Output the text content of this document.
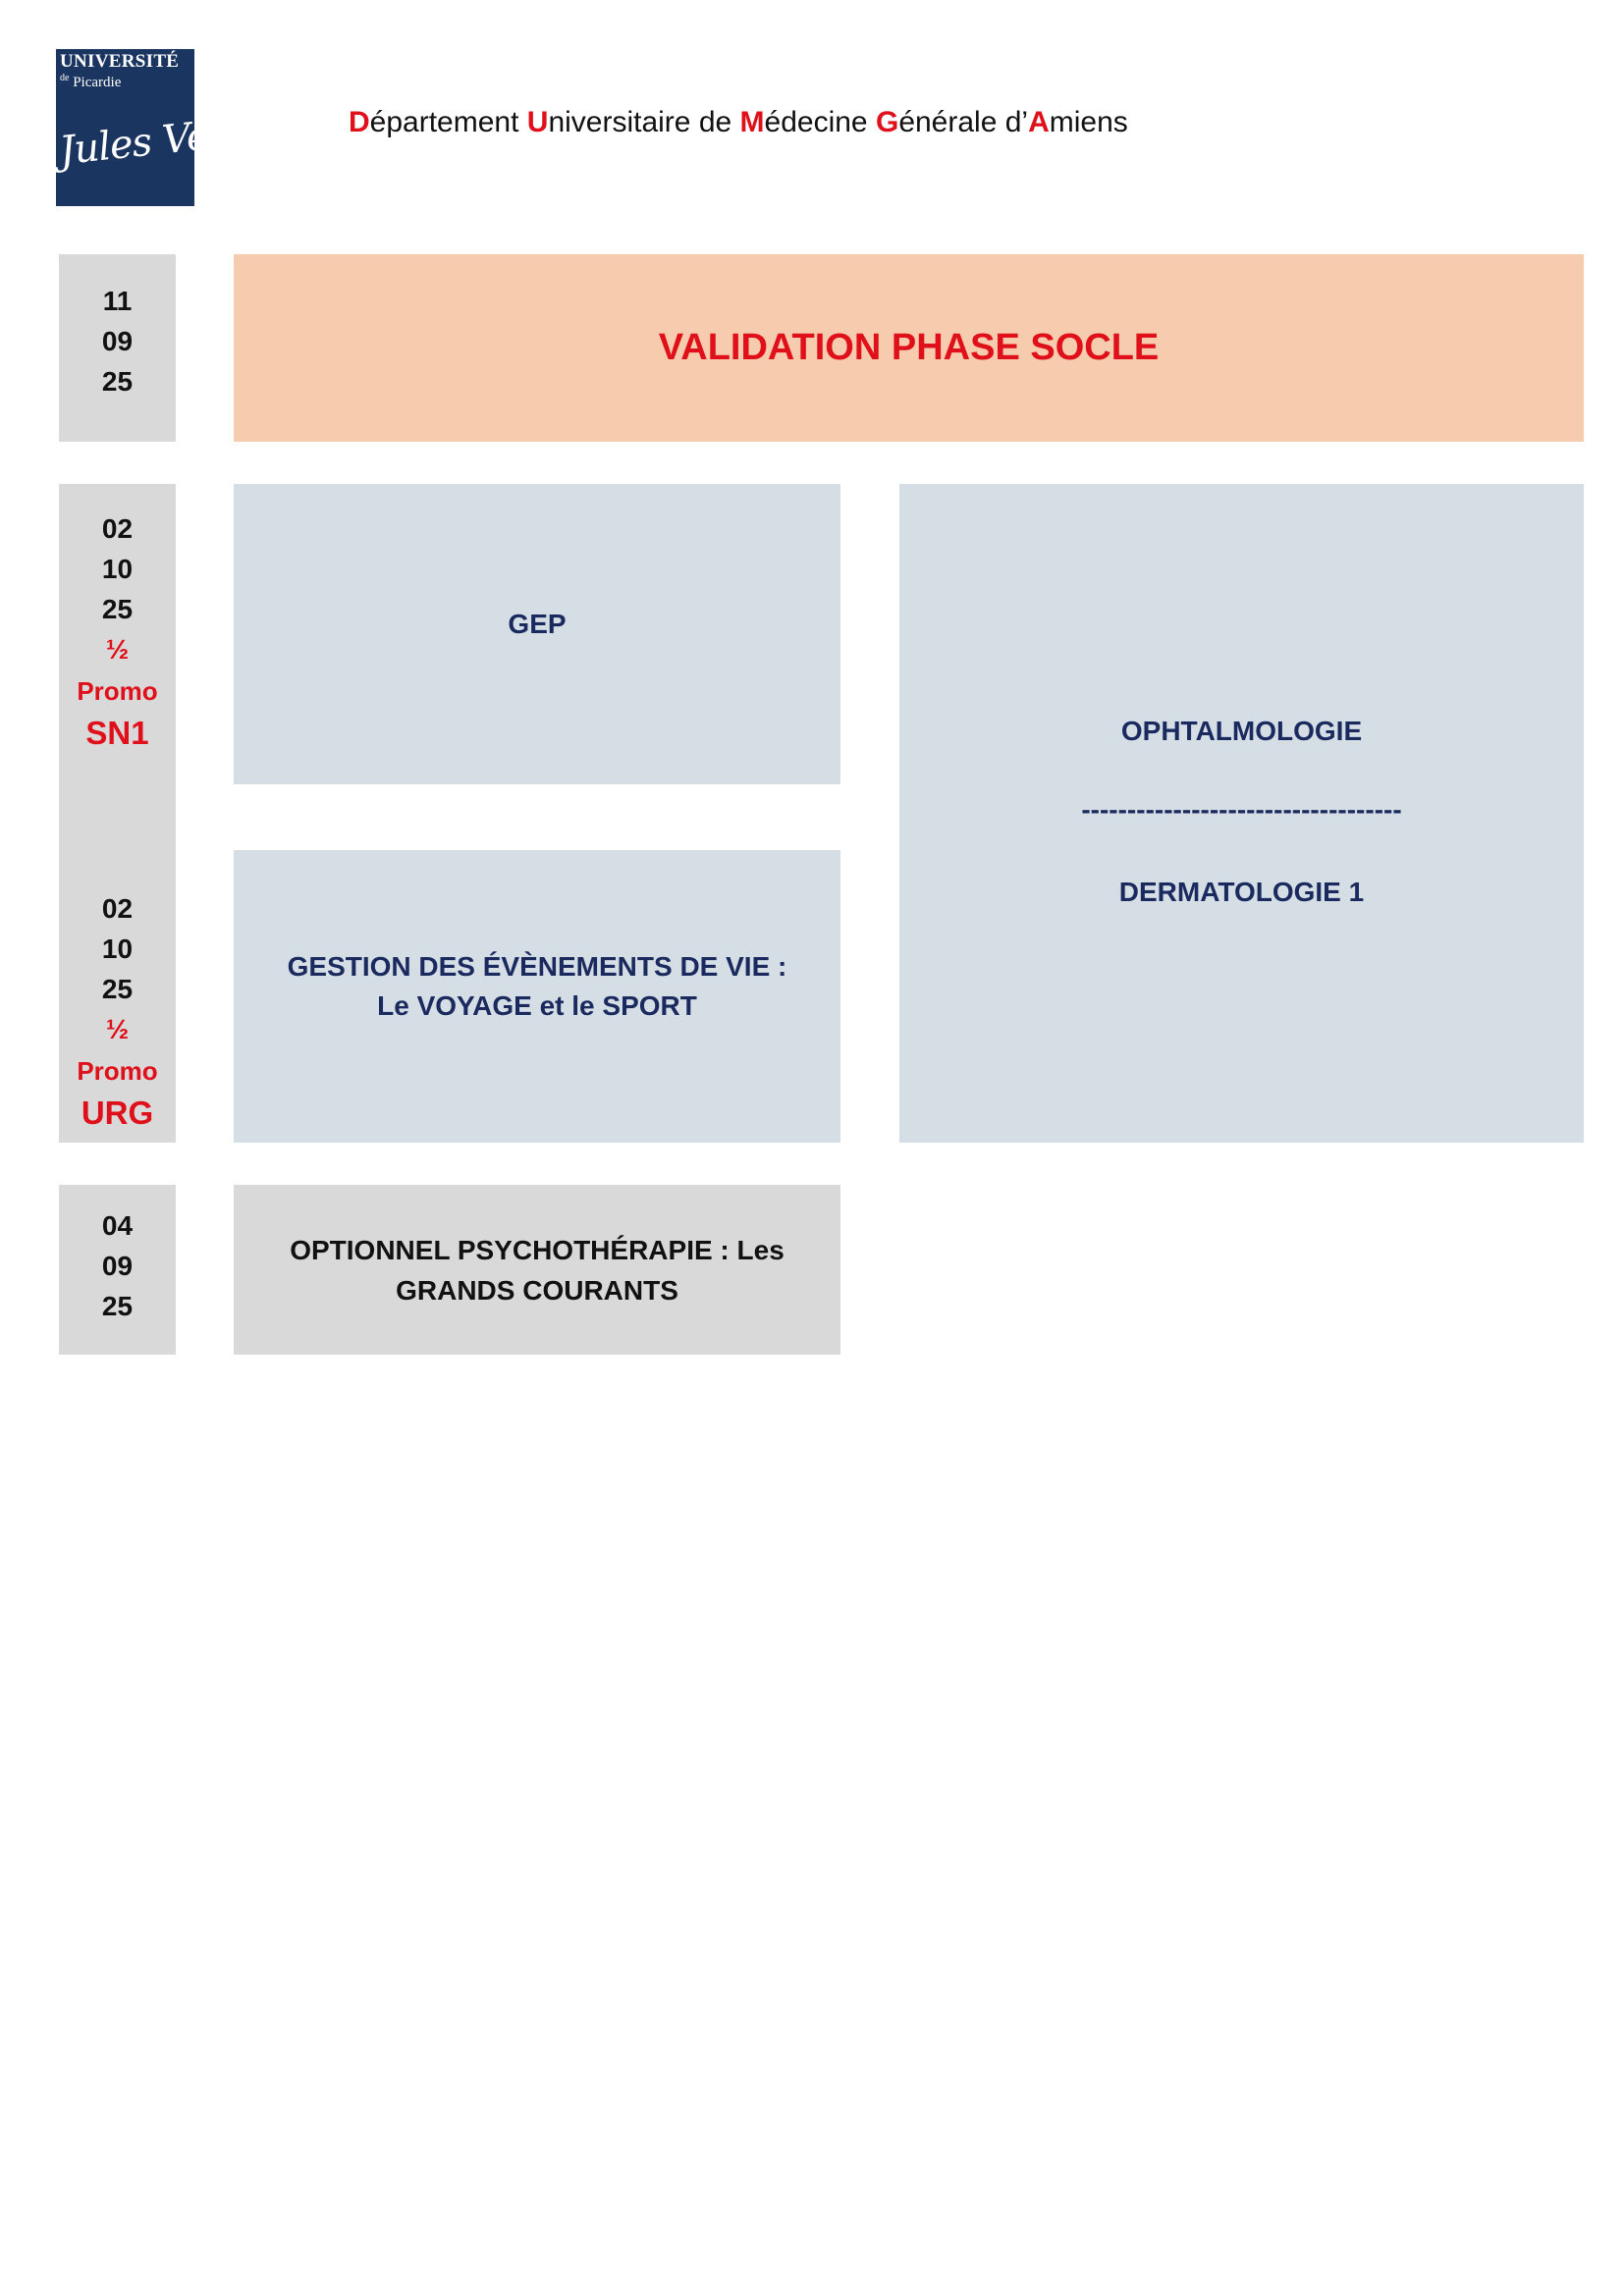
UNIVERSITÉ
$^{de}$ Picardie
Jules Verne	Département Universitaire de Médecine Générale d’Amiens
11
09
25
VALIDATION PHASE SOCLE
02
10
25
½
Promo
SN1
02
10
25
½
Promo
URG
GEP
GESTION DES ÉVÈNEMENTS DE VIE :
Le VOYAGE et le SPORT
OPHTALMOLOGIE
-----------------------------------
DERMATOLOGIE 1
04
09
25
OPTIONNEL PSYCHOTHÉRAPIE : Les
GRANDS COURANTS
